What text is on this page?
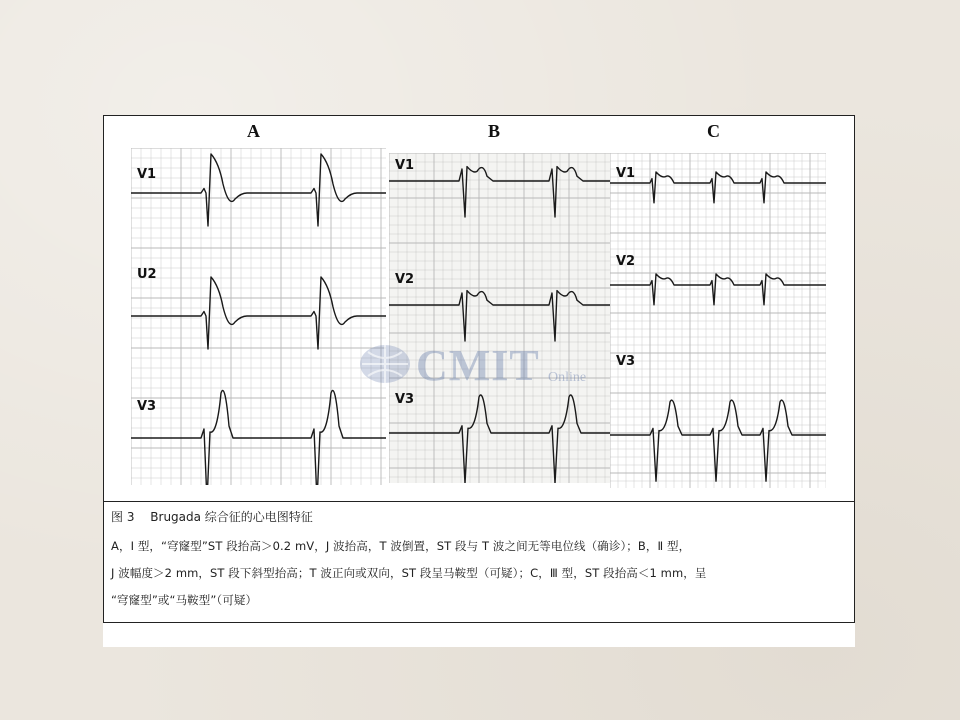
A	B	C
V1
U2
V3
V1
V2
V3
V1
V2
V3
CMIT Online
图 3 Brugada 综合征的心电图特征
A，Ⅰ 型，“穹窿型”ST 段抬高＞0.2 mV，J 波抬高，T 波倒置，ST 段与 T 波之间无等电位线（确诊）；B，Ⅱ 型，
J 波幅度＞2 mm，ST 段下斜型抬高；T 波正向或双向，ST 段呈马鞍型（可疑）；C，Ⅲ 型，ST 段抬高＜1 mm，呈
“穹窿型”或“马鞍型”（可疑）
